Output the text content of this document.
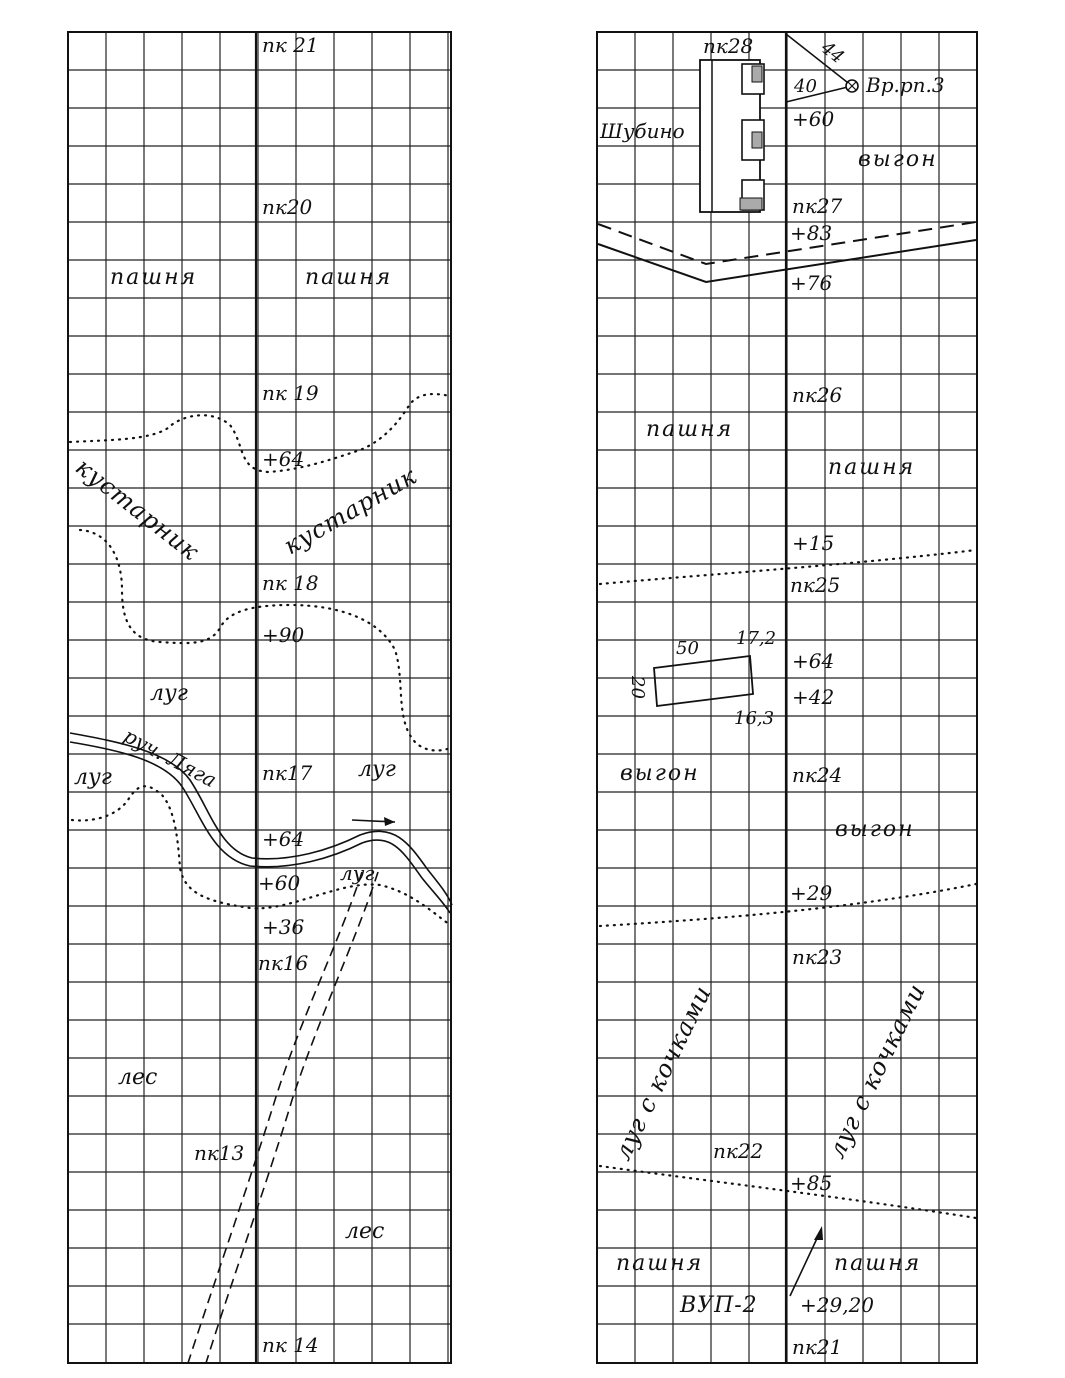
пк 21
пк20
пк 19
пк 18
пк17
пк16
пк13
пк 14
+64
+90
+64
+60
+36
пашня	пашня
кустарник	кустарник
луг
руч. Ляга
луг	луг
луг
лес
лес
пк28
пк27
пк26
пк25
пк24
пк23
пк22
пк21
+60
+83
+76
+15
+64
+42
+29
+85
+29,20
Вр.рп.3
40
44
Шубино
50 17,2
20
16,3
выгон
пашня
пашня
выгон
выгон
луг с кочками	луг с кочками
пашня	пашня
ВУП-2
